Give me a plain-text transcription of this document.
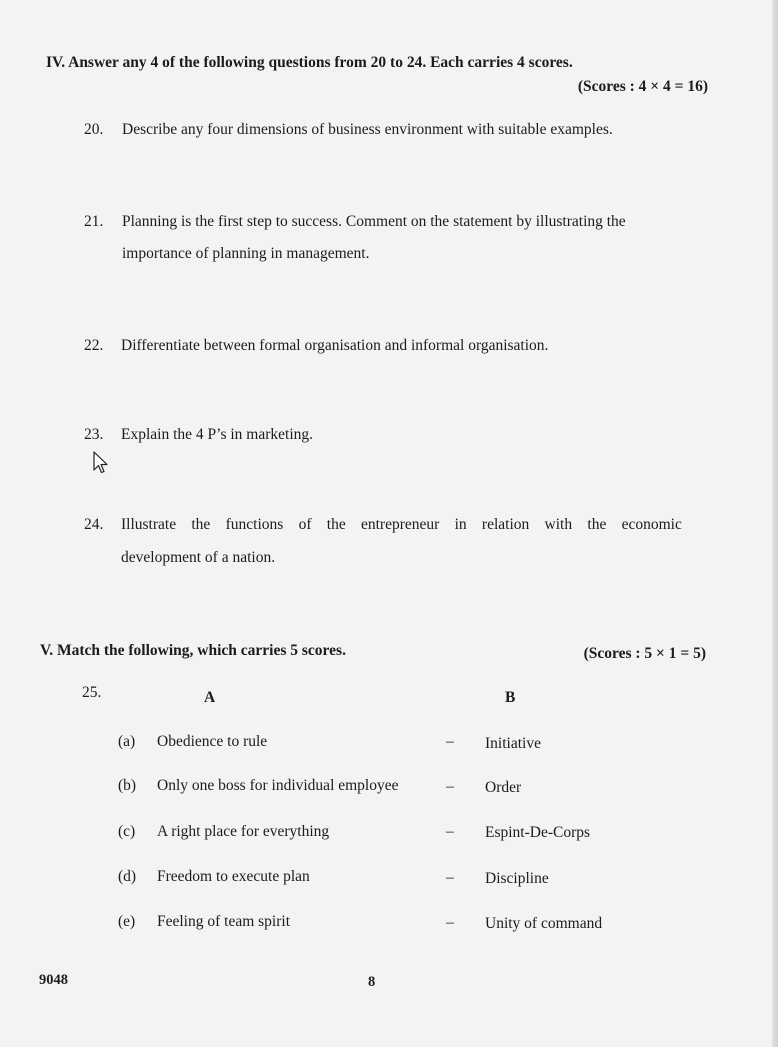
IV. Answer any 4 of the following questions from 20 to 24. Each carries 4 scores.
(Scores : 4 × 4 = 16)
20. Describe any four dimensions of business environment with suitable examples.
21. Planning is the first step to success. Comment on the statement by illustrating the
importance of planning in management.
22. Differentiate between formal organisation and informal organisation.
23. Explain the 4 P’s in marketing.
24. Illustrate the functions of the entrepreneur in relation with the economic
development of a nation.
V. Match the following, which carries 5 scores.	(Scores : 5 × 1 = 5)
25.	A	B
(a) Obedience to rule	– Initiative
(b) Only one boss for individual employee	– Order
(c) A right place for everything	– Espint-De-Corps
(d) Freedom to execute plan	– Discipline
(e) Feeling of team spirit	– Unity of command
9048	8
